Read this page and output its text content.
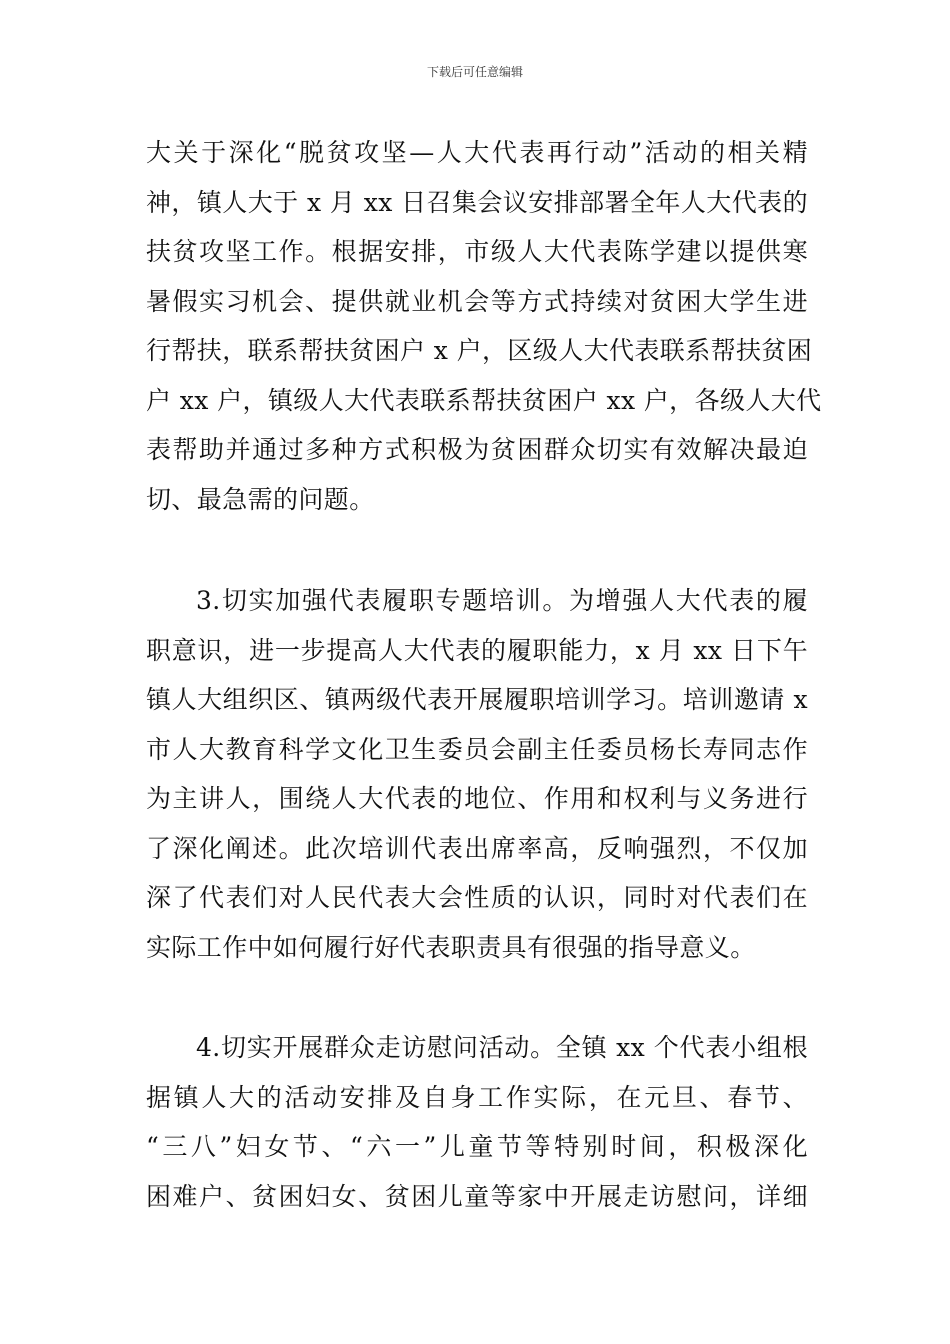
下载后可任意编辑
大关于深化“脱贫攻坚—人大代表再行动”活动的相关精
神，镇人大于 x 月 xx 日召集会议安排部署全年人大代表的
扶贫攻坚工作。根据安排，市级人大代表陈学建以提供寒
暑假实习机会、提供就业机会等方式持续对贫困大学生进
行帮扶，联系帮扶贫困户 x 户，区级人大代表联系帮扶贫困
户 xx 户，镇级人大代表联系帮扶贫困户 xx 户，各级人大代
表帮助并通过多种方式积极为贫困群众切实有效解决最迫
切、最急需的问题。
3.切实加强代表履职专题培训。为增强人大代表的履
职意识，进一步提高人大代表的履职能力，x 月 xx 日下午
镇人大组织区、镇两级代表开展履职培训学习。培训邀请 x
市人大教育科学文化卫生委员会副主任委员杨长寿同志作
为主讲人，围绕人大代表的地位、作用和权利与义务进行
了深化阐述。此次培训代表出席率高，反响强烈，不仅加
深了代表们对人民代表大会性质的认识，同时对代表们在
实际工作中如何履行好代表职责具有很强的指导意义。
4.切实开展群众走访慰问活动。全镇 xx 个代表小组根
据镇人大的活动安排及自身工作实际，在元旦、春节、
“三八”妇女节、“六一”儿童节等特别时间，积极深化
困难户、贫困妇女、贫困儿童等家中开展走访慰问，详细
